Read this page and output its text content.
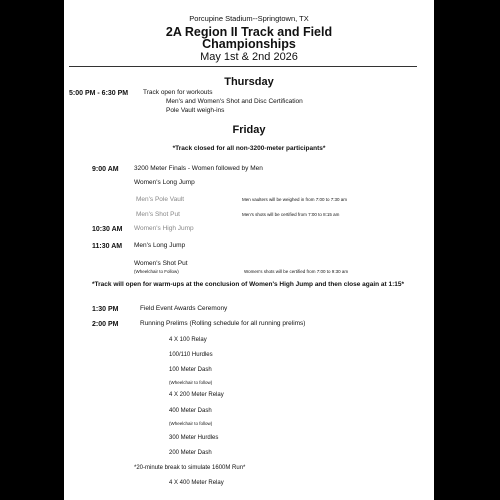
Porcupine Stadium--Springtown, TX
2A Region II Track and Field
Championships
May 1st & 2nd 2026
Thursday
5:00 PM - 6:30 PM Track open for workouts
Men's and Women's Shot and Disc Certification
Pole Vault weigh-ins
Friday
*Track closed for all non-3200-meter participants*
9:00 AM 3200 Meter Finals - Women followed by Men
Women's Long Jump
Men's Pole Vault	Men vaulters will be weighed in from 7:00 to 7:30 am
Men's Shot Put	Men's shots will be certified from 7:00 to 8:15 am
10:30 AM Women's High Jump
11:30 AM Men's Long Jump
Women's Shot Put
(Wheelchair to Follow)	Women's shots will be certified from 7:00 to 9:30 am
*Track will open for warm-ups at the conclusion of Women's High Jump and then close again at 1:15*
1:30 PM	Field Event Awards Ceremony
2:00 PM	Running Prelims (Rolling schedule for all running prelims)
4 X 100 Relay
100/110 Hurdles
100 Meter Dash
(Wheelchair to follow)
4 X 200 Meter Relay
400 Meter Dash
(Wheelchair to follow)
300 Meter Hurdles
200 Meter Dash
*20-minute break to simulate 1600M Run*
4 X 400 Meter Relay
